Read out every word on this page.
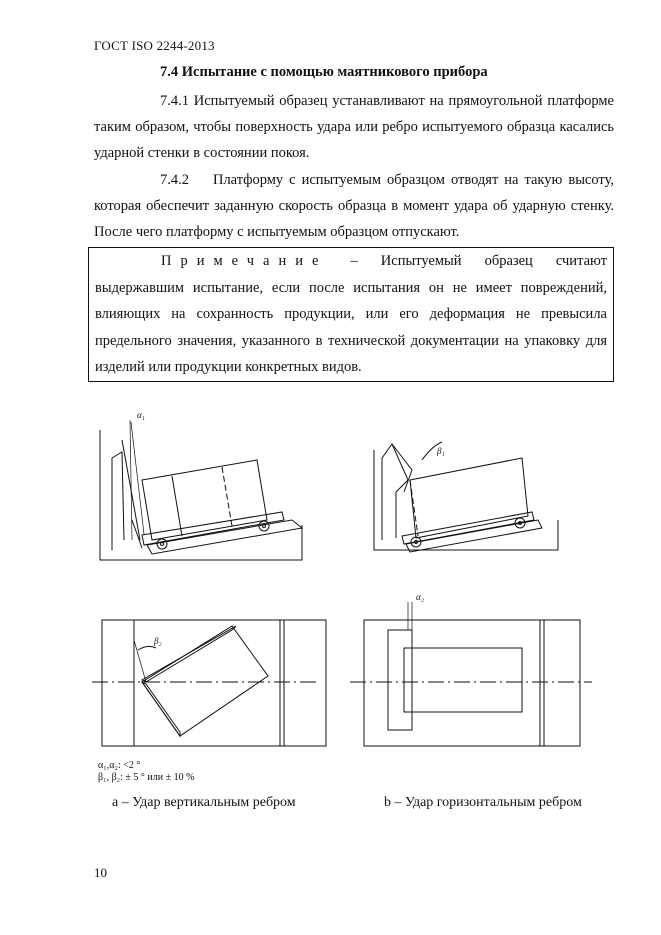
ГОСТ ISO 2244-2013
7.4 Испытание с помощью маятникового прибора
7.4.1 Испытуемый образец устанавливают на прямоугольной платформе таким образом, чтобы поверхность удара или ребро испытуемого образца касались ударной стенки в состоянии покоя.
7.4.2 Платформу с испытуемым образцом отводят на такую высоту, которая обеспечит заданную скорость образца в момент удара об ударную стенку. После чего платформу с испытуемым образцом отпускают.
Примечание – Испытуемый образец считают выдержавшим испытание, если после испытания он не имеет повреждений, влияющих на сохранность продукции, или его деформация не превысила предельного значения, указанного в технической документации на упаковку для изделий или продукции конкретных видов.
α₁
β₁
β₂
α₂
α₁,α₂: <2 °
β₁, β₂: ± 5 ° или ± 10 %
a – Удар вертикальным ребром	b – Удар горизонтальным ребром
10
